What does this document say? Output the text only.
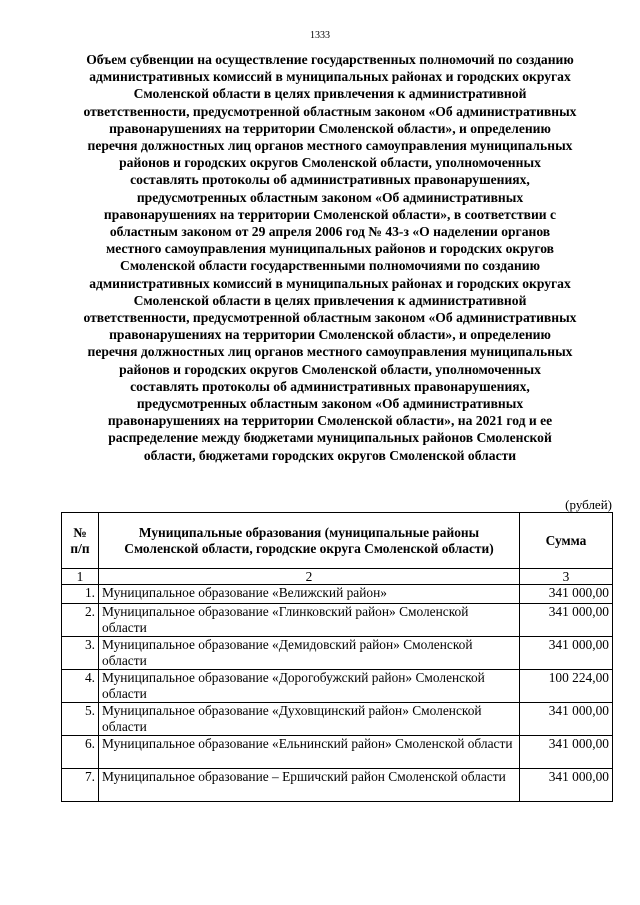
1333
Объем субвенции на осуществление государственных полномочий по созданию
административных комиссий в муниципальных районах и городских округах
Смоленской области в целях привлечения к административной
ответственности, предусмотренной областным законом «Об административных
правонарушениях на территории Смоленской области», и определению
перечня должностных лиц органов местного самоуправления муниципальных
районов и городских округов Смоленской области, уполномоченных
составлять протоколы об административных правонарушениях,
предусмотренных областным законом «Об административных
правонарушениях на территории Смоленской области», в соответствии с
областным законом от 29 апреля 2006 год № 43-з «О наделении органов
местного самоуправления муниципальных районов и городских округов
Смоленской области государственными полномочиями по созданию
административных комиссий в муниципальных районах и городских округах
Смоленской области в целях привлечения к административной
ответственности, предусмотренной областным законом «Об административных
правонарушениях на территории Смоленской области», и определению
перечня должностных лиц органов местного самоуправления муниципальных
районов и городских округов Смоленской области, уполномоченных
составлять протоколы об административных правонарушениях,
предусмотренных областным законом «Об административных
правонарушениях на территории Смоленской области», на 2021 год и ее
распределение между бюджетами муниципальных районов Смоленской
области, бюджетами городских округов Смоленской области
(рублей)
№
п/п	Муниципальные образования (муниципальные районы Смоленской области, городские округа Смоленской области)	Сумма
1	2	3
1.	Муниципальное образование «Велижский район»	341 000,00
2.	Муниципальное образование «Глинковский район» Смоленской области	341 000,00
3.	Муниципальное образование «Демидовский район» Смоленской области	341 000,00
4.	Муниципальное образование «Дорогобужский район» Смоленской области	100 224,00
5.	Муниципальное образование «Духовщинский район» Смоленской области	341 000,00
6.	Муниципальное образование «Ельнинский район» Смоленской области	341 000,00
7.	Муниципальное образование – Ершичский район Смоленской области	341 000,00
